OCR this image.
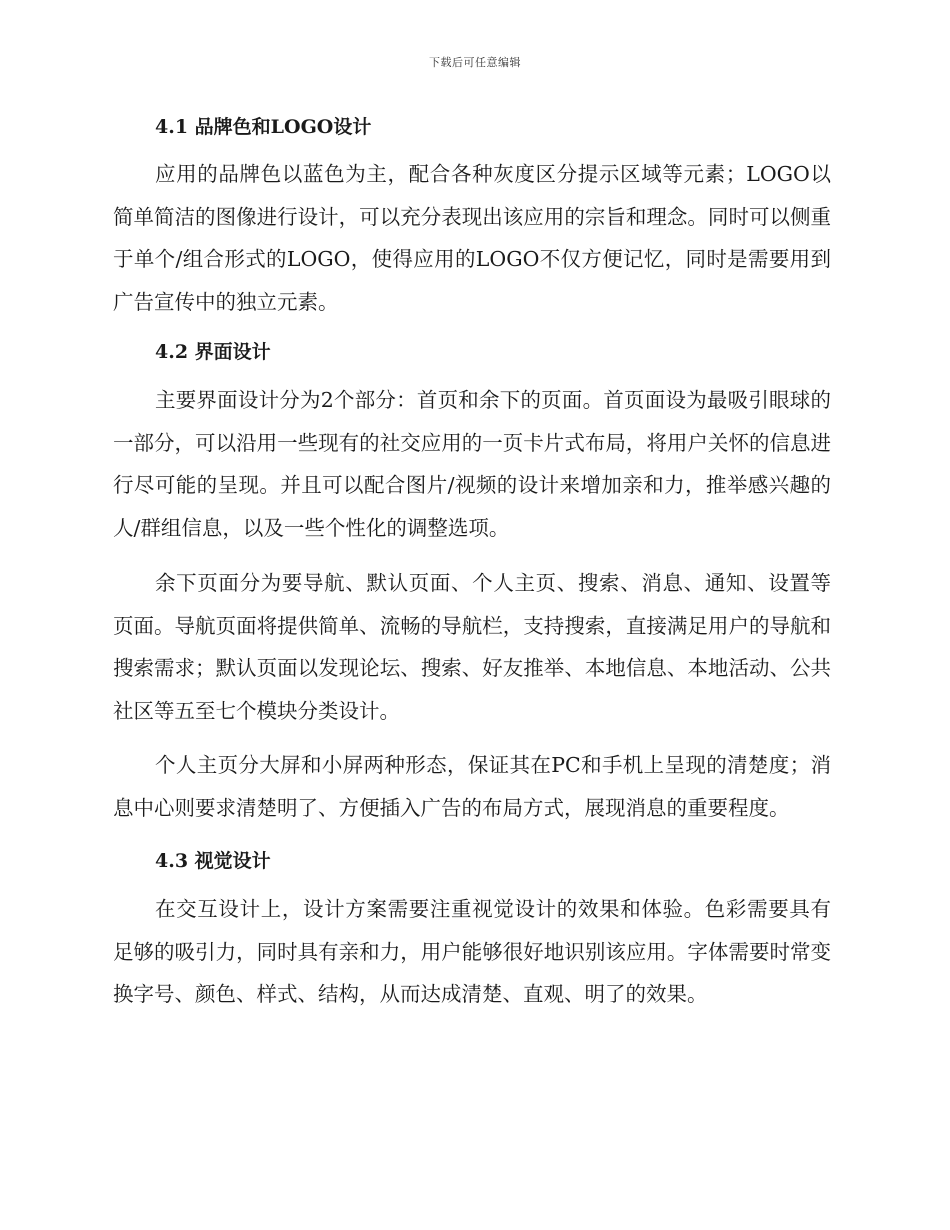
下载后可任意编辑
4.1 品牌色和LOGO设计

应用的品牌色以蓝色为主，配合各种灰度区分提示区域等元素；LOGO以简单简洁的图像进行设计，可以充分表现出该应用的宗旨和理念。同时可以侧重于单个/组合形式的LOGO，使得应用的LOGO不仅方便记忆，同时是需要用到广告宣传中的独立元素。

4.2 界面设计

主要界面设计分为2个部分：首页和余下的页面。首页面设为最吸引眼球的一部分，可以沿用一些现有的社交应用的一页卡片式布局，将用户关怀的信息进行尽可能的呈现。并且可以配合图片/视频的设计来增加亲和力，推举感兴趣的人/群组信息，以及一些个性化的调整选项。

余下页面分为要导航、默认页面、个人主页、搜索、消息、通知、设置等页面。导航页面将提供简单、流畅的导航栏，支持搜索，直接满足用户的导航和搜索需求；默认页面以发现论坛、搜索、好友推举、本地信息、本地活动、公共社区等五至七个模块分类设计。

个人主页分大屏和小屏两种形态，保证其在PC和手机上呈现的清楚度；消息中心则要求清楚明了、方便插入广告的布局方式，展现消息的重要程度。

4.3 视觉设计

在交互设计上，设计方案需要注重视觉设计的效果和体验。色彩需要具有足够的吸引力，同时具有亲和力，用户能够很好地识别该应用。字体需要时常变换字号、颜色、样式、结构，从而达成清楚、直观、明了的效果。
